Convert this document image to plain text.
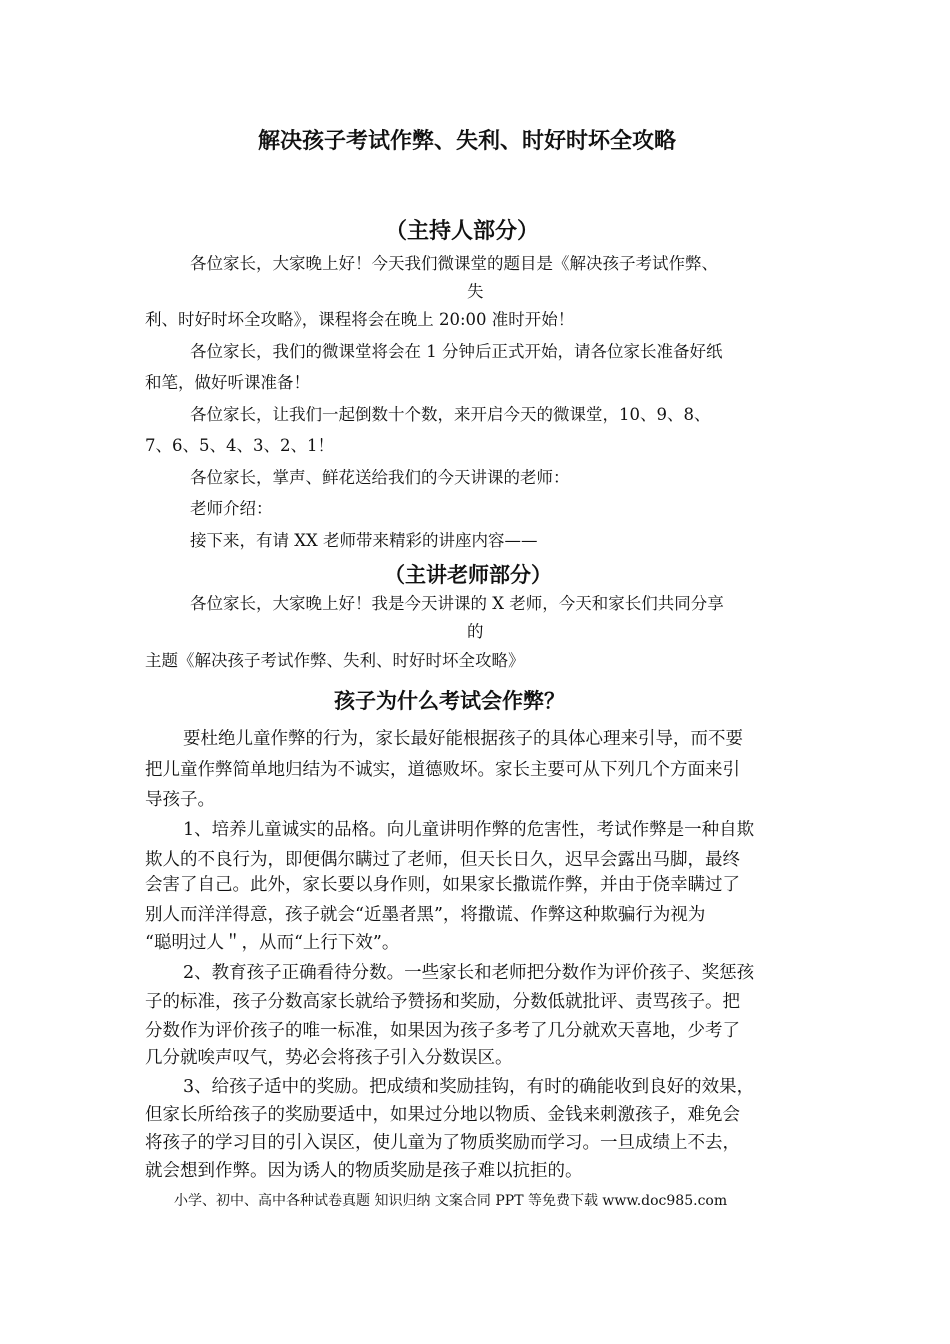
解决孩子考试作弊、失利、时好时坏全攻略
（主持人部分）
各位家长，大家晚上好！今天我们微课堂的题目是《解决孩子考试作弊、
失
利、时好时坏全攻略》，课程将会在晚上 20:00 准时开始！
各位家长，我们的微课堂将会在 1 分钟后正式开始，请各位家长准备好纸
和笔，做好听课准备！
各位家长，让我们一起倒数十个数，来开启今天的微课堂，10、9、8、
7、6、5、4、3、2、1！
各位家长，掌声、鲜花送给我们的今天讲课的老师：
老师介绍：
接下来，有请 XX 老师带来精彩的讲座内容——
（主讲老师部分）
各位家长，大家晚上好！我是今天讲课的 X 老师，今天和家长们共同分享
的
主题《解决孩子考试作弊、失利、时好时坏全攻略》
孩子为什么考试会作弊？
要杜绝儿童作弊的行为，家长最好能根据孩子的具体心理来引导，而不要
把儿童作弊简单地归结为不诚实，道德败坏。家长主要可从下列几个方面来引
导孩子。
1、培养儿童诚实的品格。向儿童讲明作弊的危害性，考试作弊是一种自欺
欺人的不良行为，即便偶尔瞒过了老师，但天长日久，迟早会露出马脚，最终
会害了自己。此外，家长要以身作则，如果家长撒谎作弊，并由于侥幸瞒过了
别人而洋洋得意，孩子就会“近墨者黑”，将撒谎、作弊这种欺骗行为视为
“聪明过人＂，从而“上行下效”。
2、教育孩子正确看待分数。一些家长和老师把分数作为评价孩子、奖惩孩
子的标准，孩子分数高家长就给予赞扬和奖励，分数低就批评、责骂孩子。把
分数作为评价孩子的唯一标准，如果因为孩子多考了几分就欢天喜地，少考了
几分就唉声叹气，势必会将孩子引入分数误区。
3、给孩子适中的奖励。把成绩和奖励挂钩，有时的确能收到良好的效果，
但家长所给孩子的奖励要适中，如果过分地以物质、金钱来刺激孩子，难免会
将孩子的学习目的引入误区，使儿童为了物质奖励而学习。一旦成绩上不去，
就会想到作弊。因为诱人的物质奖励是孩子难以抗拒的。
小学、初中、高中各种试卷真题 知识归纳 文案合同 PPT 等免费下载 www.doc985.com
